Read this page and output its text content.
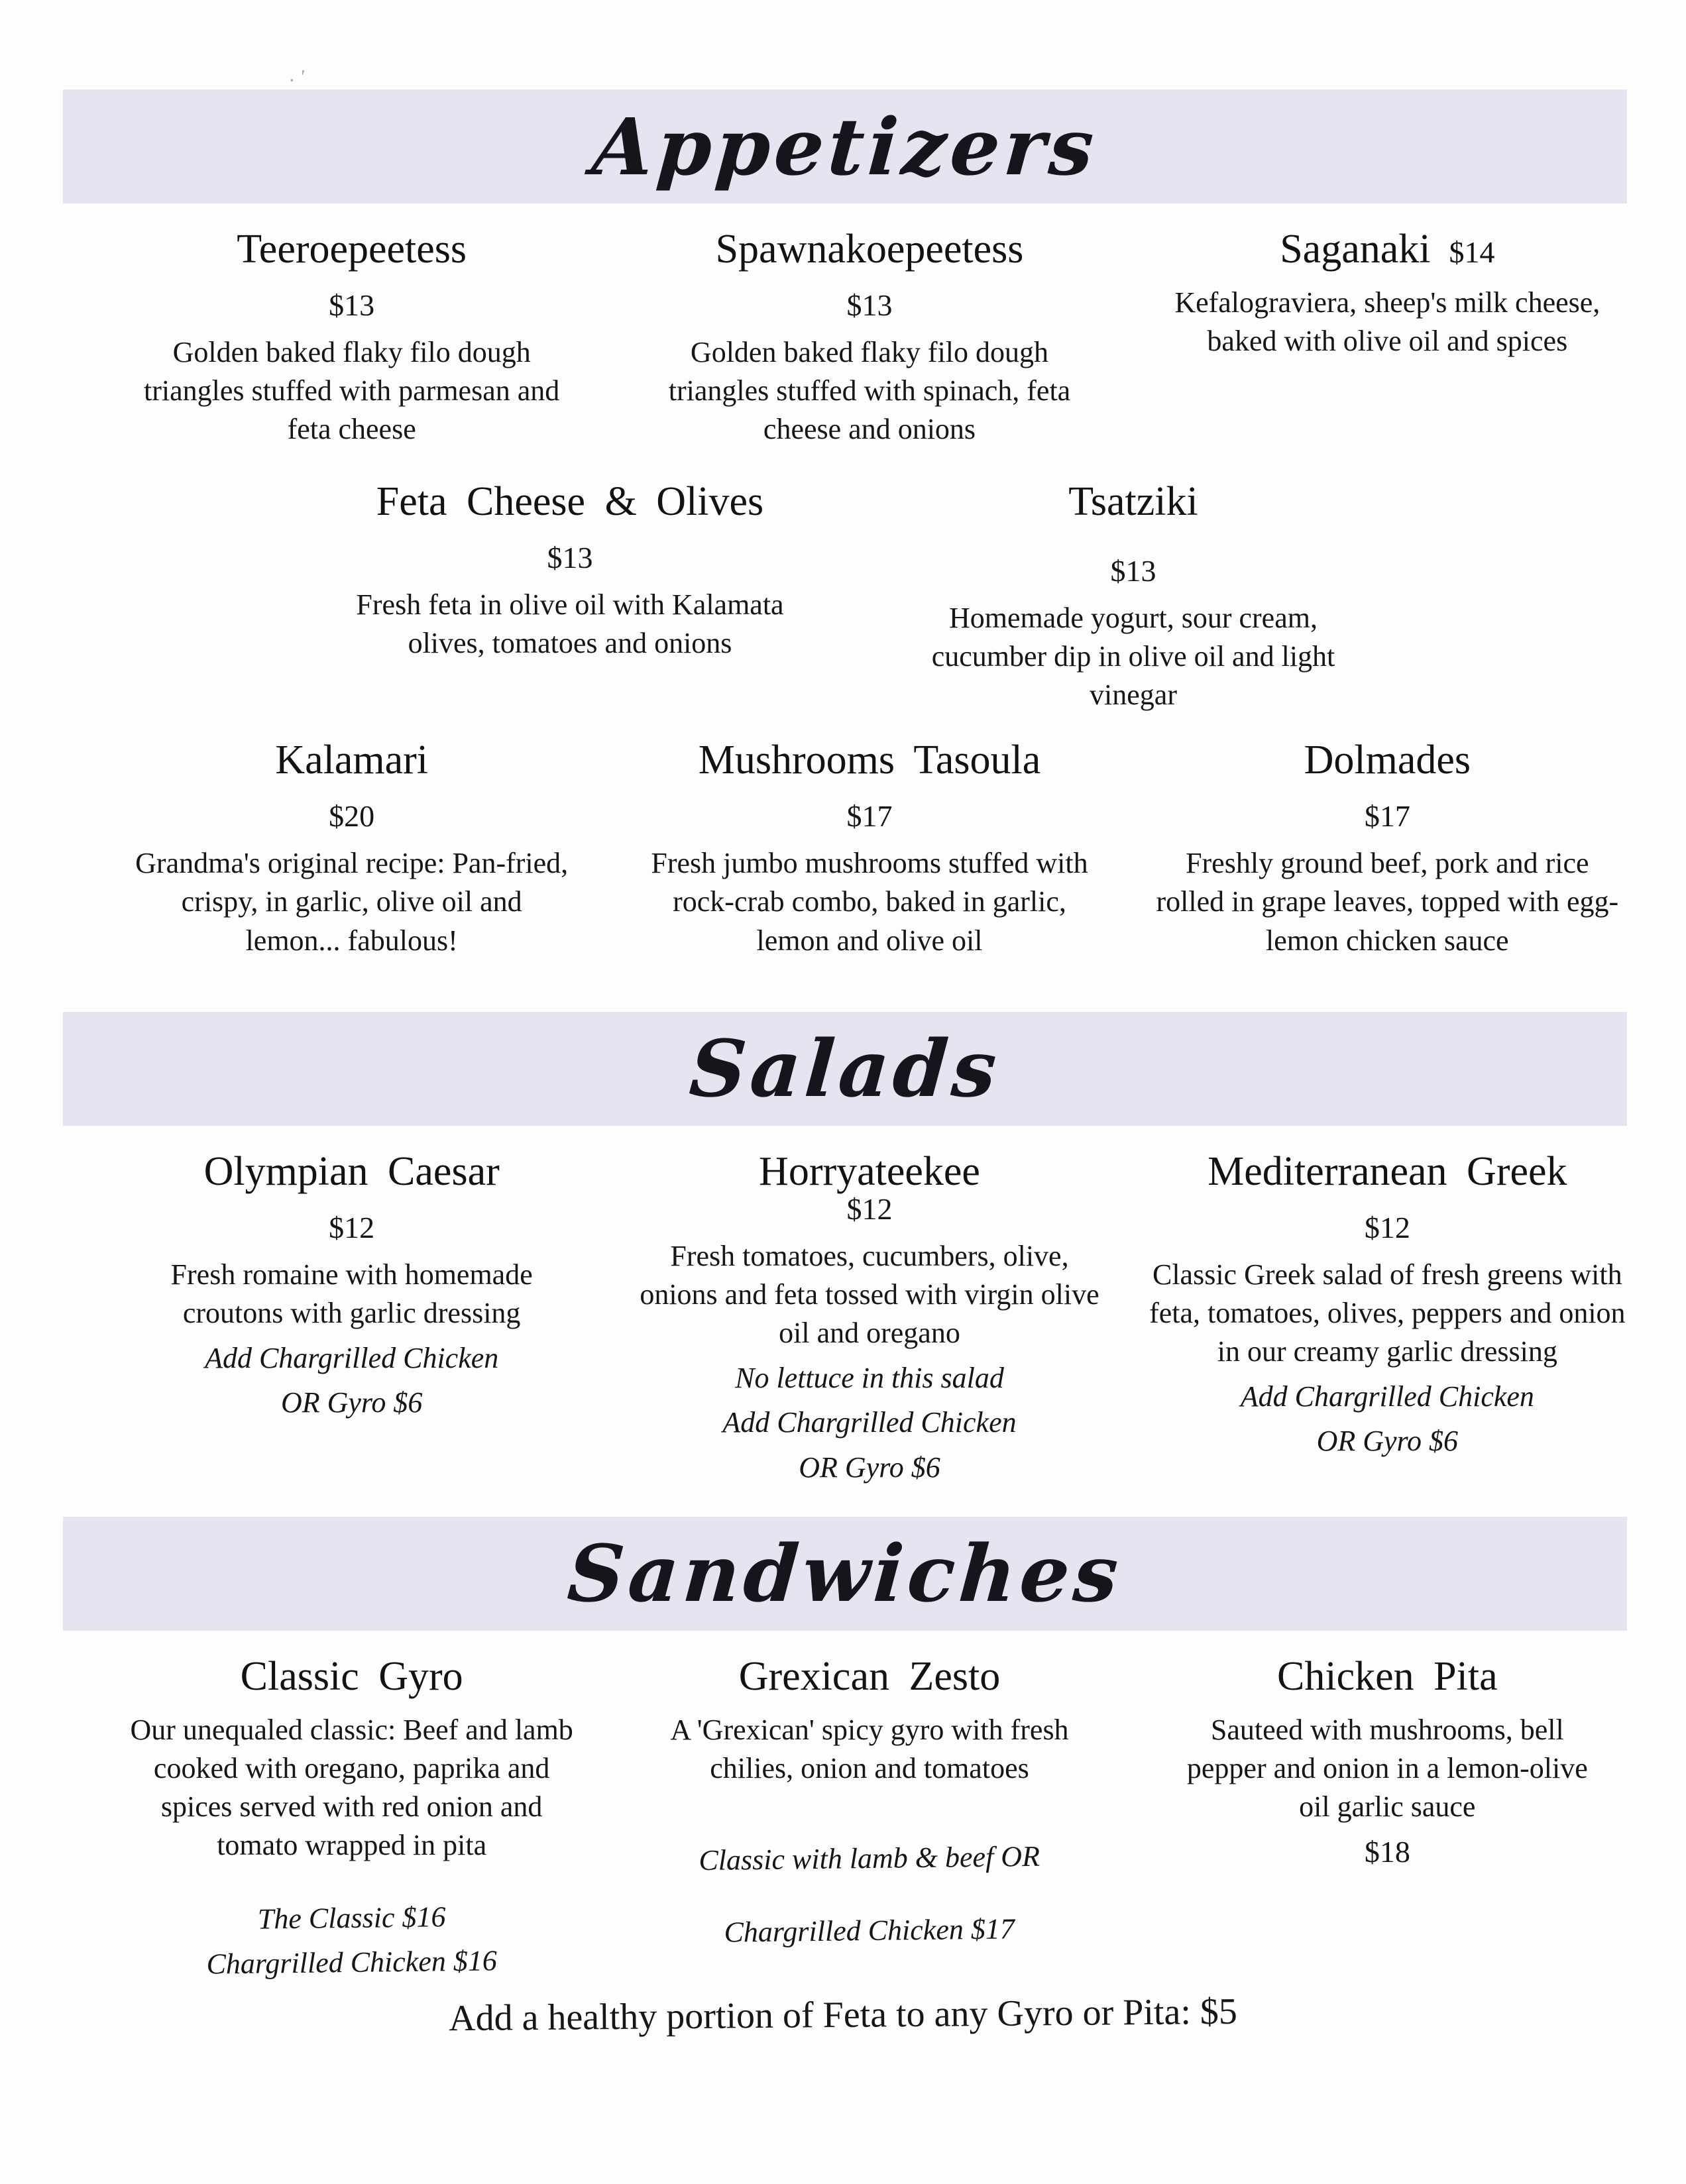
. '
Appetizers
Teeroepeetess
$13

Golden baked flaky filo dough triangles stuffed with parmesan and feta cheese

Spawnakoepeetess
$13

Golden baked flaky filo dough triangles stuffed with spinach, feta cheese and onions

Saganaki $14

Kefalograviera, sheep's milk cheese, baked with olive oil and spices

Feta Cheese & Olives
$13

Fresh feta in olive oil with Kalamata olives, tomatoes and onions

Tsatziki
$13

Homemade yogurt, sour cream, cucumber dip in olive oil and light vinegar

Kalamari
$20

Grandma's original recipe: Pan-fried, crispy, in garlic, olive oil and lemon... fabulous!

Mushrooms Tasoula
$17

Fresh jumbo mushrooms stuffed with rock-crab combo, baked in garlic, lemon and olive oil

Dolmades
$17

Freshly ground beef, pork and rice rolled in grape leaves, topped with egg-lemon chicken sauce

Salads
Olympian Caesar
$12

Fresh romaine with homemade croutons with garlic dressing

Add Chargrilled Chicken

OR Gyro $6

Horryateekee
$12

Fresh tomatoes, cucumbers, olive, onions and feta tossed with virgin olive oil and oregano

No lettuce in this salad

Add Chargrilled Chicken

OR Gyro $6

Mediterranean Greek
$12

Classic Greek salad of fresh greens with feta, tomatoes, olives, peppers and onion in our creamy garlic dressing

Add Chargrilled Chicken

OR Gyro $6

Sandwiches
Classic Gyro

Our unequaled classic: Beef and lamb cooked with oregano, paprika and spices served with red onion and tomato wrapped in pita

The Classic $16

Chargrilled Chicken $16

Grexican Zesto

A 'Grexican' spicy gyro with fresh chilies, onion and tomatoes

Classic with lamb & beef OR

Chargrilled Chicken $17

Chicken Pita

Sauteed with mushrooms, bell pepper and onion in a lemon-olive oil garlic sauce

$18
Add a healthy portion of Feta to any Gyro or Pita: $5
